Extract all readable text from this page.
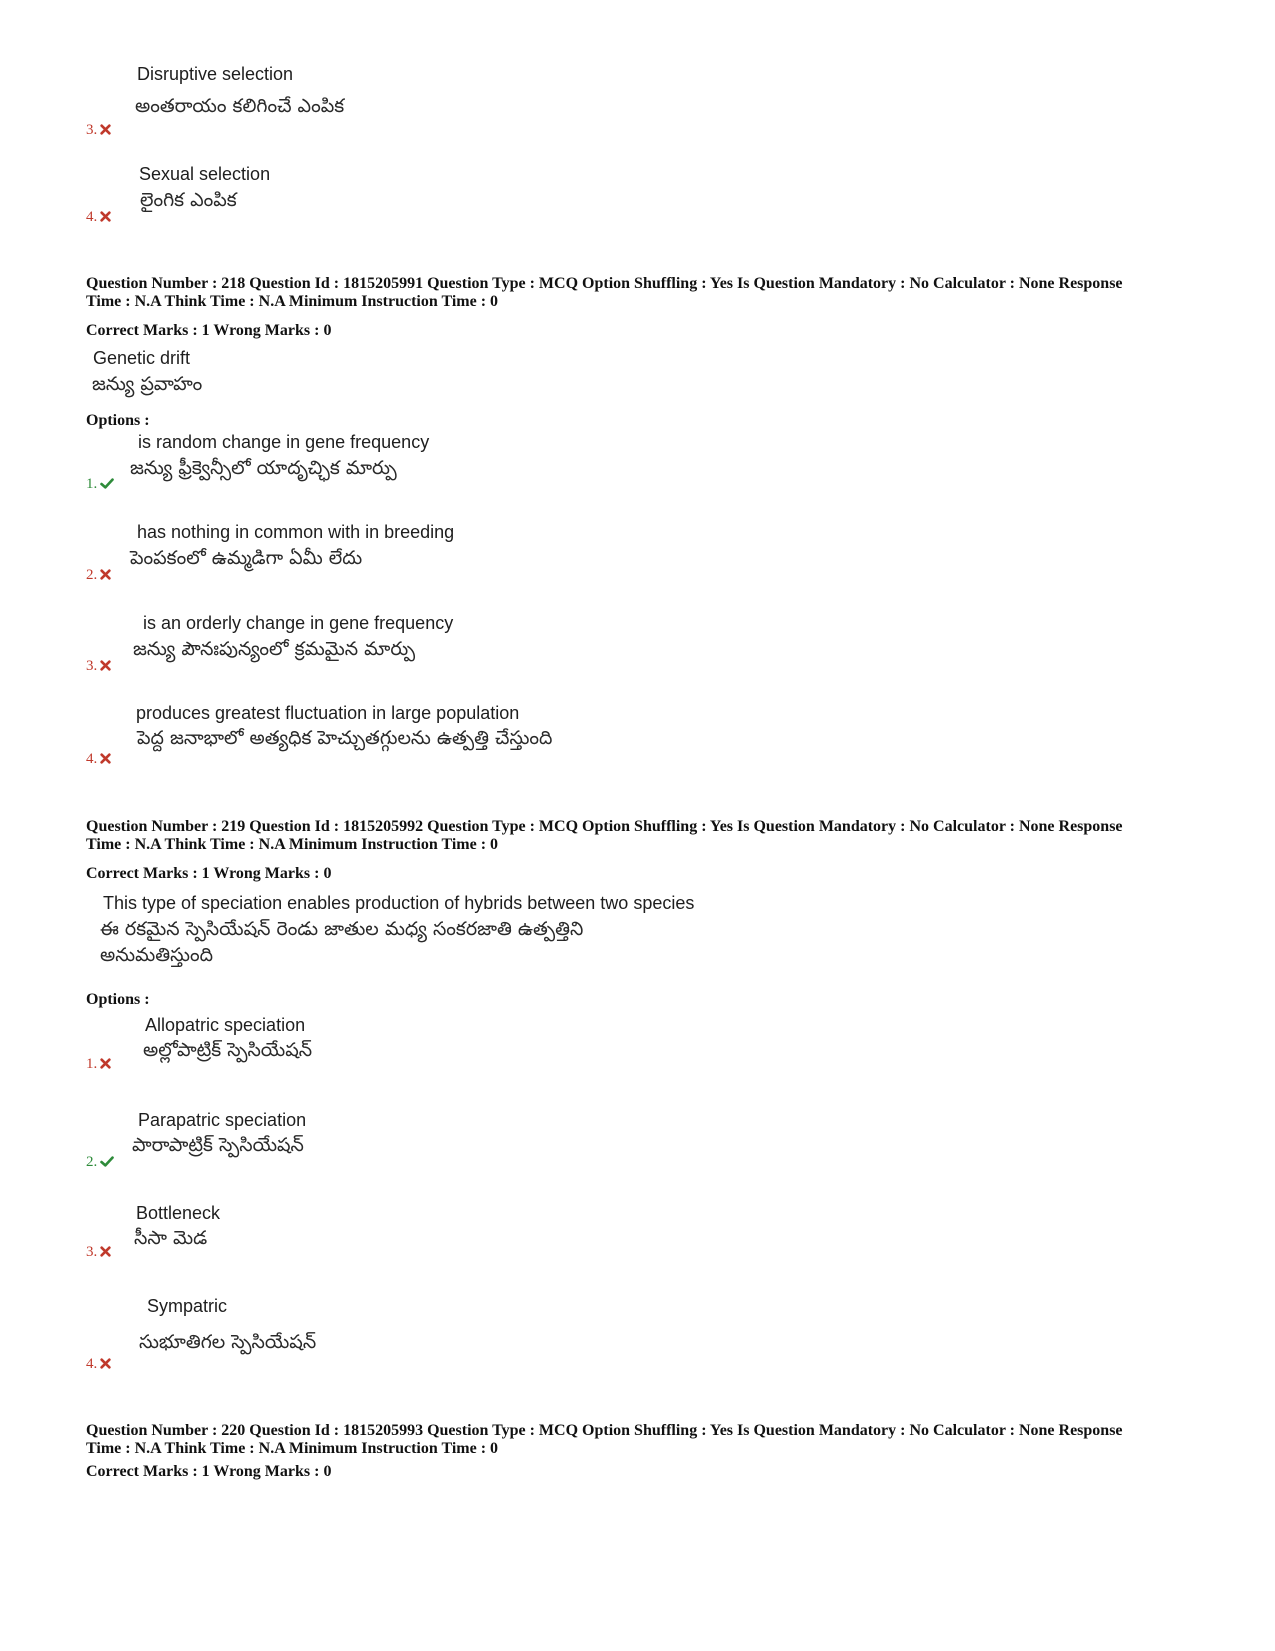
Disruptive selection
అంతరాయం కలిగించే ఎంపిక
3.
Sexual selection
లైంగిక ఎంపిక
4.
Question Number : 218 Question Id : 1815205991 Question Type : MCQ Option Shuffling : Yes Is Question Mandatory : No Calculator : None Response
Time : N.A Think Time : N.A Minimum Instruction Time : 0
Correct Marks : 1 Wrong Marks : 0
Genetic drift
జన్యు ప్రవాహం
Options :
is random change in gene frequency
జన్యు ఫ్రీక్వెన్సీలో యాదృచ్ఛిక మార్పు
1.
has nothing in common with in breeding
పెంపకంలో ఉమ్మడిగా ఏమీ లేదు
2.
is an orderly change in gene frequency
జన్యు పౌనఃపున్యంలో క్రమమైన మార్పు
3.
produces greatest fluctuation in large population
పెద్ద జనాభాలో అత్యధిక హెచ్చుతగ్గులను ఉత్పత్తి చేస్తుంది
4.
Question Number : 219 Question Id : 1815205992 Question Type : MCQ Option Shuffling : Yes Is Question Mandatory : No Calculator : None Response
Time : N.A Think Time : N.A Minimum Instruction Time : 0
Correct Marks : 1 Wrong Marks : 0
This type of speciation enables production of hybrids between two species
ఈ రకమైన స్పెసియేషన్ రెండు జాతుల మధ్య సంకరజాతి ఉత్పత్తిని
అనుమతిస్తుంది
Options :
Allopatric speciation
అల్లోపాట్రిక్ స్పెసియేషన్
1.
Parapatric speciation
పారాపాట్రిక్ స్పెసియేషన్
2.
Bottleneck
సీసా మెడ
3.
Sympatric
సుభూతిగల స్పెసియేషన్
4.
Question Number : 220 Question Id : 1815205993 Question Type : MCQ Option Shuffling : Yes Is Question Mandatory : No Calculator : None Response
Time : N.A Think Time : N.A Minimum Instruction Time : 0
Correct Marks : 1 Wrong Marks : 0
